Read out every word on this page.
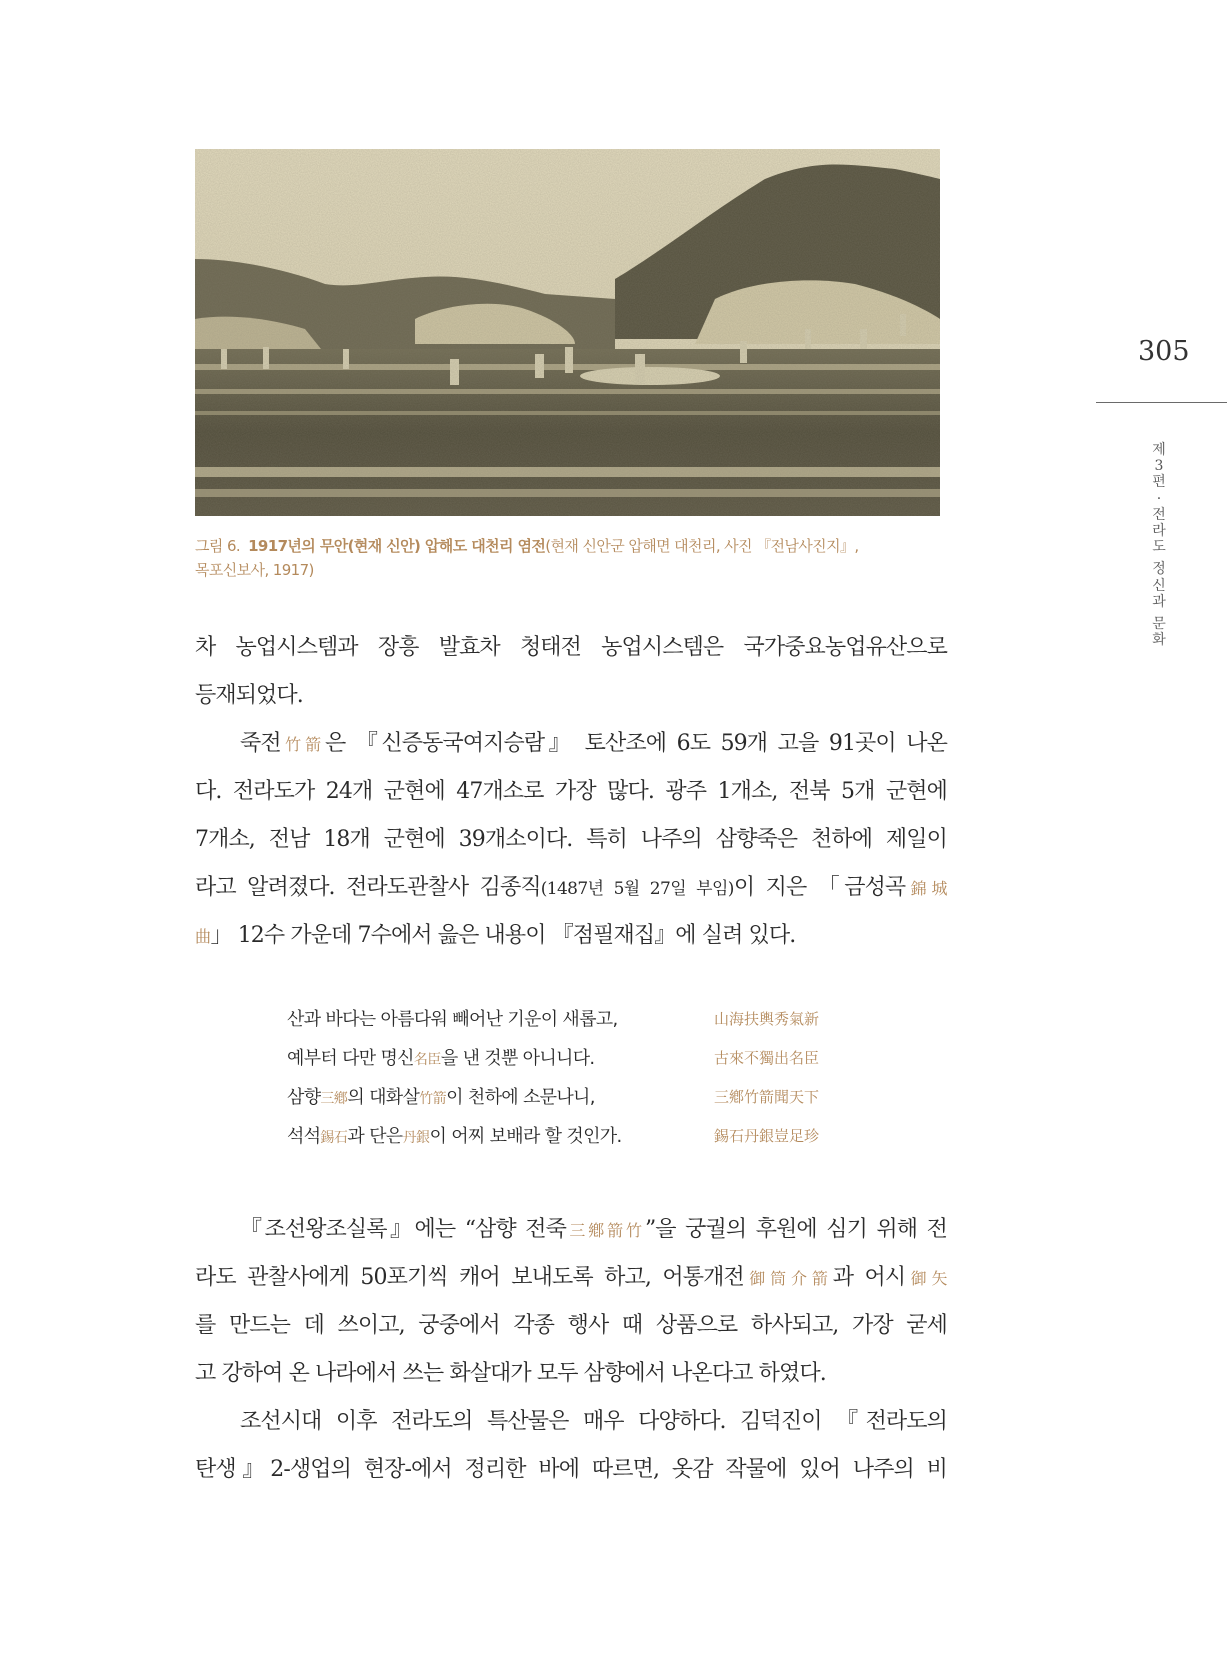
그림 6. 1917년의 무안(현재 신안) 압해도 대천리 염전(현재 신안군 압해면 대천리, 사진 『전남사진지』,
목포신보사, 1917)
차 농업시스템과 장흥 발효차 청태전 농업시스템은 국가중요농업유산으로
등재되었다.
죽전竹箭은 『신증동국여지승람』 토산조에 6도 59개 고을 91곳이 나온
다. 전라도가 24개 군현에 47개소로 가장 많다. 광주 1개소, 전북 5개 군현에
7개소, 전남 18개 군현에 39개소이다. 특히 나주의 삼향죽은 천하에 제일이
라고 알려졌다. 전라도관찰사 김종직(1487년 5월 27일 부임)이 지은 「금성곡錦城
曲」 12수 가운데 7수에서 읊은 내용이 『점필재집』에 실려 있다.
산과 바다는 아름다워 빼어난 기운이 새롭고,	山海扶輿秀氣新
예부터 다만 명신名臣을 낸 것뿐 아니니다.	古來不獨出名臣
삼향三鄕의 대화살竹箭이 천하에 소문나니,	三鄕竹箭聞天下
석석錫石과 단은丹銀이 어찌 보배라 할 것인가.	錫石丹銀豈足珍
『조선왕조실록』에는 “삼향 전죽三鄕箭竹”을 궁궐의 후원에 심기 위해 전
라도 관찰사에게 50포기씩 캐어 보내도록 하고, 어통개전御筒介箭과 어시御矢
를 만드는 데 쓰이고, 궁중에서 각종 행사 때 상품으로 하사되고, 가장 굳세
고 강하여 온 나라에서 쓰는 화살대가 모두 삼향에서 나온다고 하였다.
조선시대 이후 전라도의 특산물은 매우 다양하다. 김덕진이 『전라도의
탄생』2-생업의 현장-에서 정리한 바에 따르면, 옷감 작물에 있어 나주의 비
305
제
3
편
·
전
라
도
정
신
과
문
화
